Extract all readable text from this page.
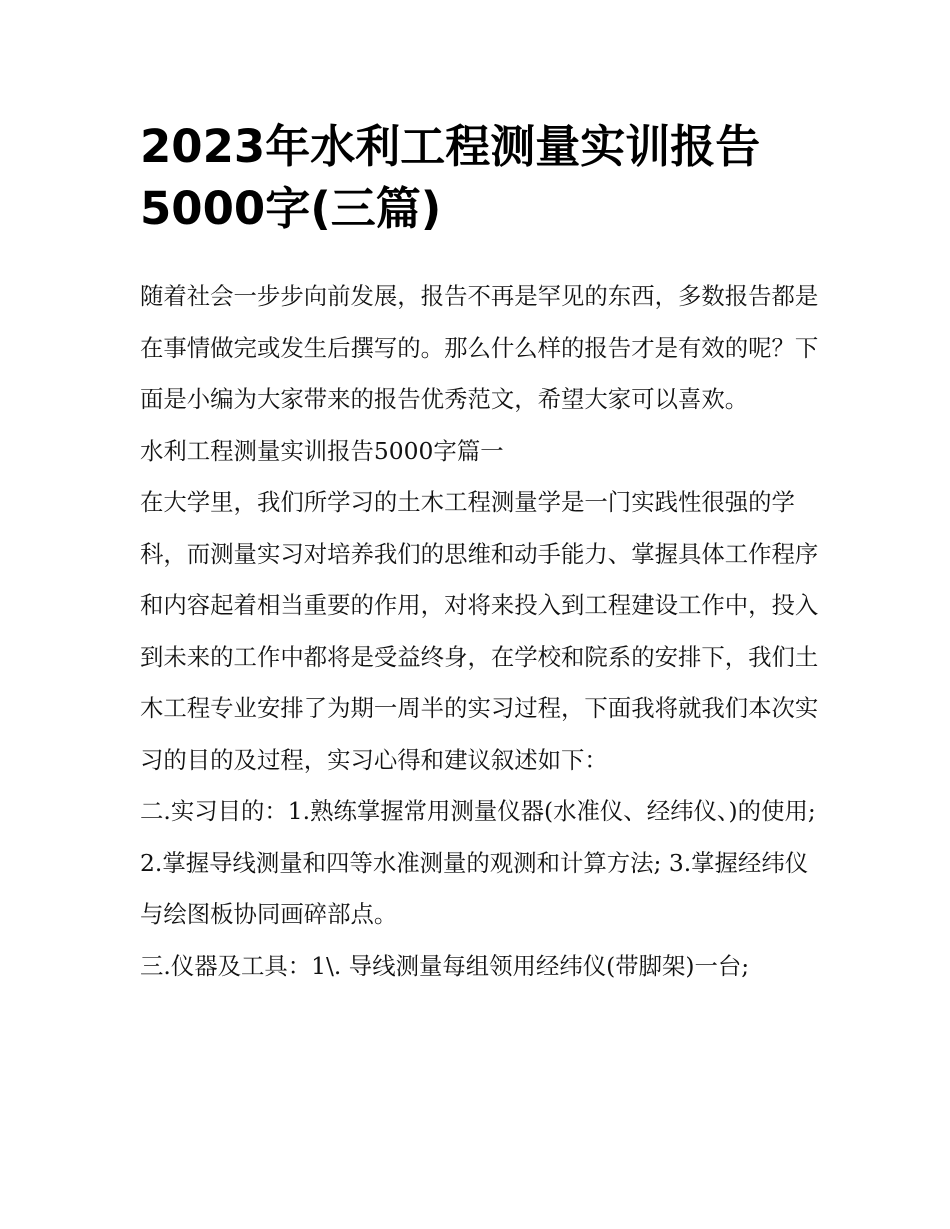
2023年水利工程测量实训报告
5000字(三篇)

随着社会一步步向前发展，报告不再是罕见的东西，多数报告都是在事情做完或发生后撰写的。那么什么样的报告才是有效的呢？下面是小编为大家带来的报告优秀范文，希望大家可以喜欢。

水利工程测量实训报告5000字篇一

在大学里，我们所学习的土木工程测量学是一门实践性很强的学科，而测量实习对培养我们的思维和动手能力、掌握具体工作程序和内容起着相当重要的作用，对将来投入到工程建设工作中，投入到未来的工作中都将是受益终身，在学校和院系的安排下，我们土木工程专业安排了为期一周半的实习过程，下面我将就我们本次实习的目的及过程，实习心得和建议叙述如下：

二.实习目的：1.熟练掌握常用测量仪器(水准仪、经纬仪、)的使用; 2.掌握导线测量和四等水准测量的观测和计算方法; 3.掌握经纬仪与绘图板协同画碎部点。

三.仪器及工具：1\. 导线测量每组领用经纬仪(带脚架)一台;
